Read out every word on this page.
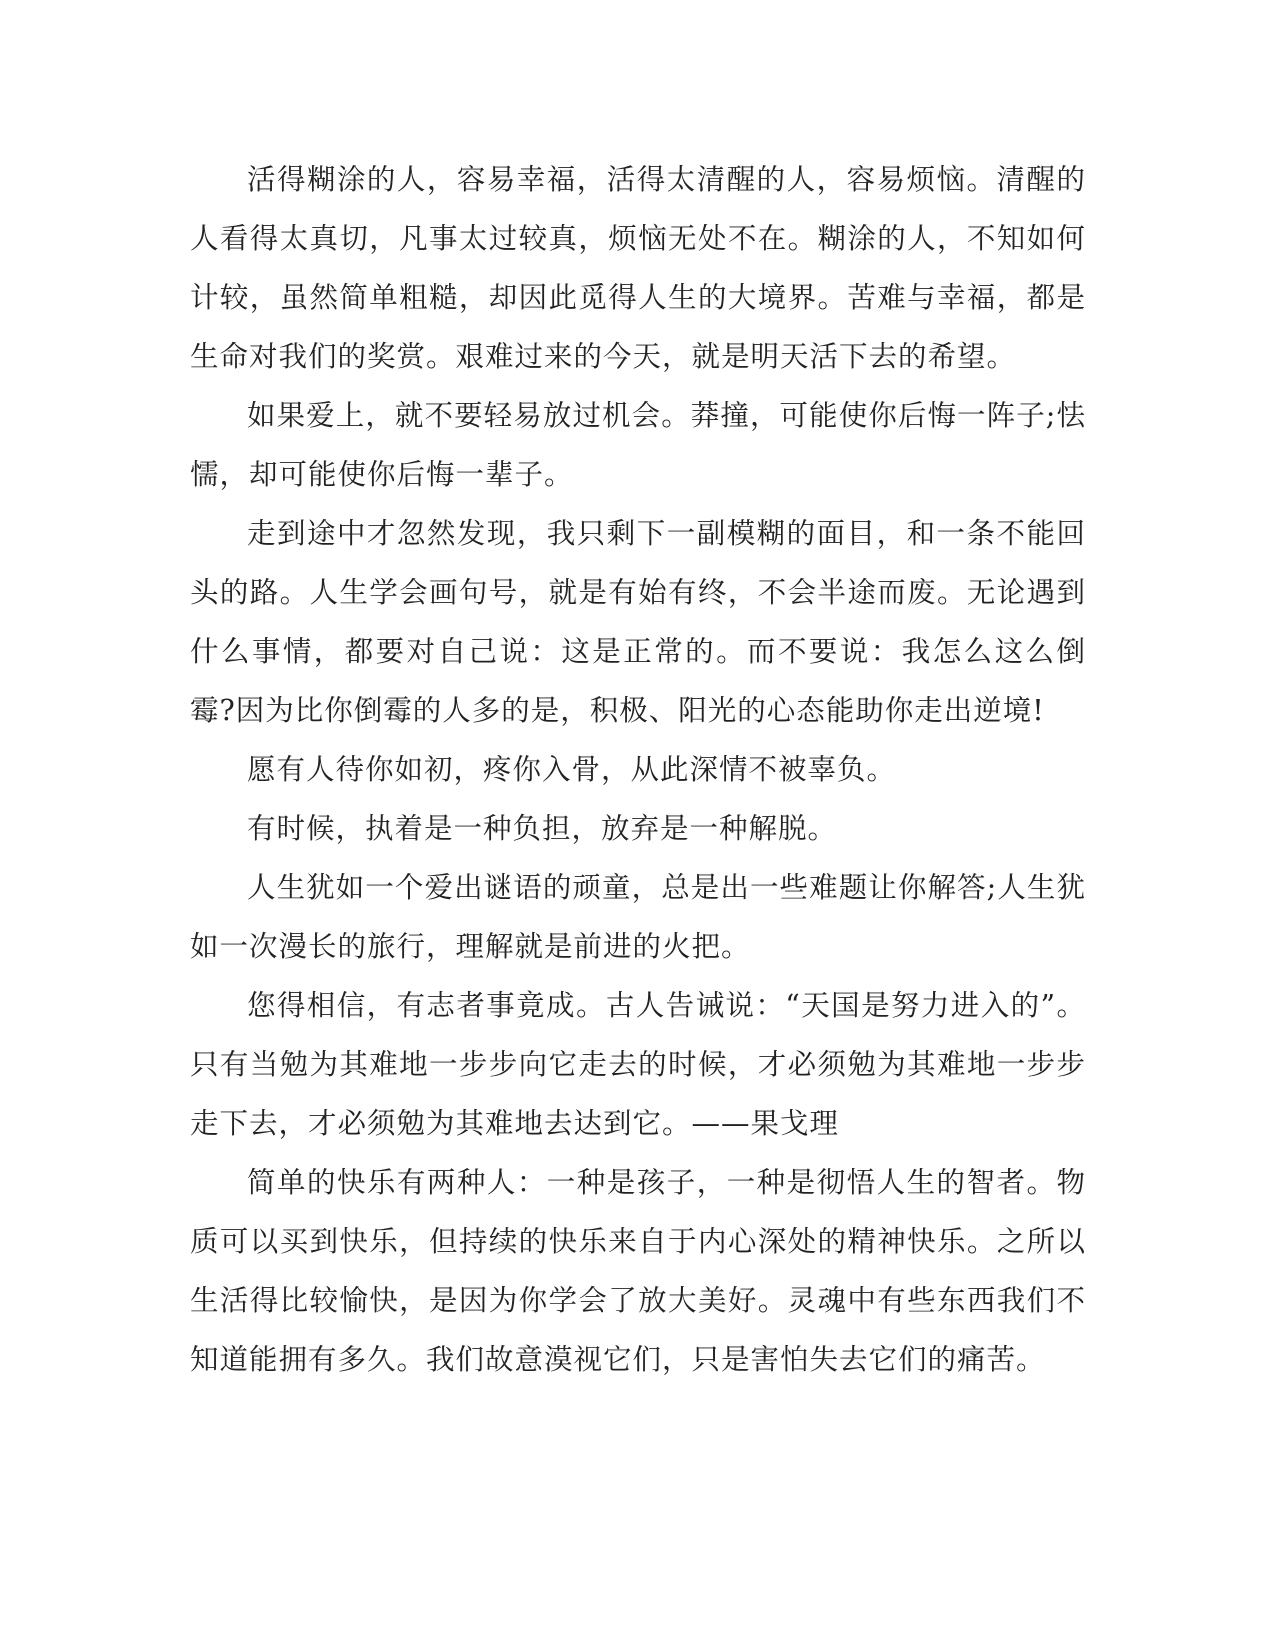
活得糊涂的人，容易幸福，活得太清醒的人，容易烦恼。清醒的人看得太真切，凡事太过较真，烦恼无处不在。糊涂的人，不知如何计较，虽然简单粗糙，却因此觅得人生的大境界。苦难与幸福，都是生命对我们的奖赏。艰难过来的今天，就是明天活下去的希望。

如果爱上，就不要轻易放过机会。莽撞，可能使你后悔一阵子;怯懦，却可能使你后悔一辈子。

走到途中才忽然发现，我只剩下一副模糊的面目，和一条不能回头的路。人生学会画句号，就是有始有终，不会半途而废。无论遇到什么事情，都要对自己说：这是正常的。而不要说：我怎么这么倒霉?因为比你倒霉的人多的是，积极、阳光的心态能助你走出逆境!

愿有人待你如初，疼你入骨，从此深情不被辜负。

有时候，执着是一种负担，放弃是一种解脱。

人生犹如一个爱出谜语的顽童，总是出一些难题让你解答;人生犹如一次漫长的旅行，理解就是前进的火把。

您得相信，有志者事竟成。古人告诫说：“天国是努力进入的”。只有当勉为其难地一步步向它走去的时候，才必须勉为其难地一步步走下去，才必须勉为其难地去达到它。——果戈理

简单的快乐有两种人：一种是孩子，一种是彻悟人生的智者。物质可以买到快乐，但持续的快乐来自于内心深处的精神快乐。之所以生活得比较愉快，是因为你学会了放大美好。灵魂中有些东西我们不知道能拥有多久。我们故意漠视它们，只是害怕失去它们的痛苦。
